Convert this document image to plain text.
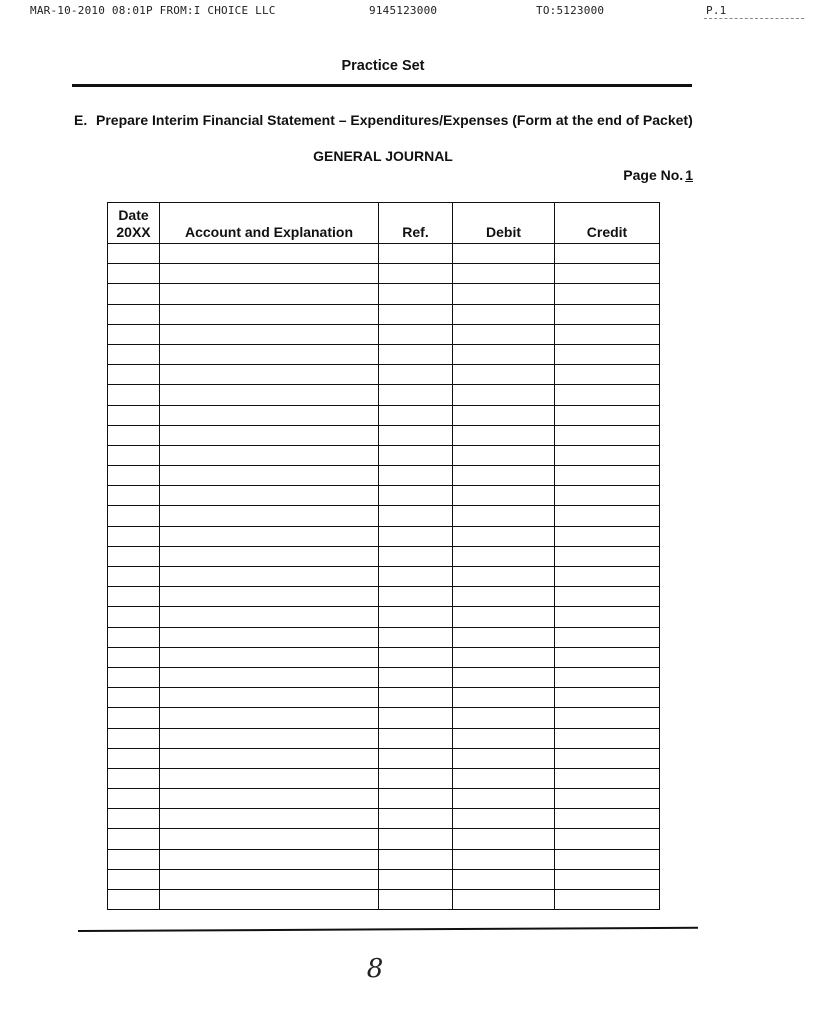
MAR-10-2010 08:01P FROM:I CHOICE LLC	9145123000	TO:5123000	P.1
Practice Set
E. Prepare Interim Financial Statement – Expenditures/Expenses (Form at the end of Packet)
GENERAL JOURNAL
Page No. 1
Date
20XX	Account and Explanation	Ref.	Debit	Credit

8
